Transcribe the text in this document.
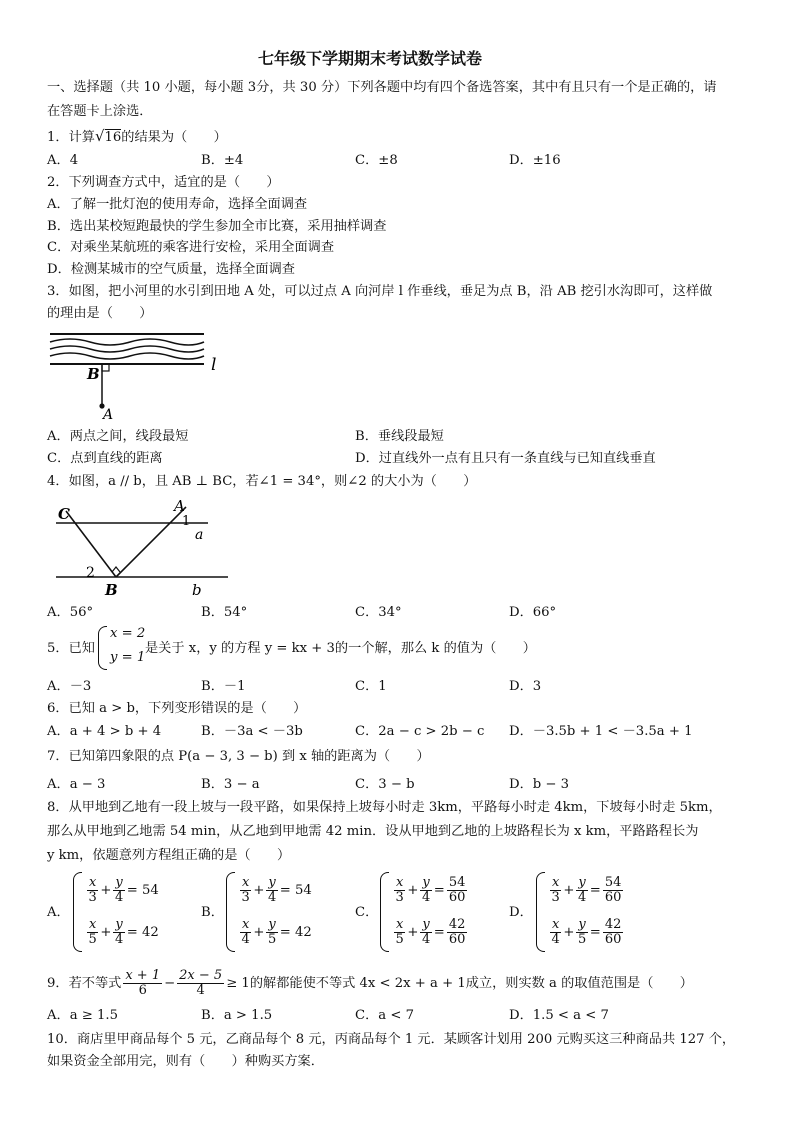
七年级下学期期末考试数学试卷
一、选择题（共 10 小题，每小题 3分，共 30 分）下列各题中均有四个备选答案，其中有且只有一个是正确的，请
在答题卡上涂选．
1．计算√16的结果为（　　）
A．4	B．±4	C．±8	D．±16
2．下列调查方式中，适宜的是（　　）
A．了解一批灯泡的使用寿命，选择全面调查
B．选出某校短跑最快的学生参加全市比赛，采用抽样调查
C．对乘坐某航班的乘客进行安检，采用全面调查
D．检测某城市的空气质量，选择全面调查
3．如图，把小河里的水引到田地 A 处，可以过点 A 向河岸 l 作垂线，垂足为点 B，沿 AB 挖引水沟即可，这样做
的理由是（　　）
l
B
A
A．两点之间，线段最短	B．垂线段最短
C．点到直线的距离	D．过直线外一点有且只有一条直线与已知直线垂直
4．如图，a // b，且 AB ⊥ BC，若∠1 = 34°，则∠2 的大小为（　　）
C	A
1
a
2
B	b
A．56°	B．54°	C．34°	D．66°
5．已知
x = 2
y = 1
是关于 x，y 的方程 y = kx + 3的一个解，那么 k 的值为（　　）
A．－3	B．－1	C．1	D．3
6．已知 a > b，下列变形错误的是（　　）
A．a + 4 > b + 4	B．－3a < －3b	C．2a − c > 2b − c D．－3.5b + 1 < －3.5a + 1
7．已知第四象限的点 P(a − 3, 3 − b) 到 x 轴的距离为（　　）
A．a − 3	B．3 − a	C．3 − b	D．b − 3
8．从甲地到乙地有一段上坡与一段平路，如果保持上坡每小时走 3km，平路每小时走 4km，下坡每小时走 5km，
那么从甲地到乙地需 54 min，从乙地到甲地需 42 min．设从甲地到乙地的上坡路程长为 x km，平路路程长为
y km，依题意列方程组正确的是（　　）
A．
$\frac{x}{3} + \frac{y}{4} = 54$
$\frac{x}{5} + \frac{y}{4} = 42$
B．
$\frac{x}{3} + \frac{y}{4} = 54$
$\frac{x}{4} + \frac{y}{5} = 42$
C．
$\frac{x}{3} + \frac{y}{4} = \frac{54}{60}$
$\frac{x}{5} + \frac{y}{4} = \frac{42}{60}$
D．
$\frac{x}{3} + \frac{y}{4} = \frac{54}{60}$
$\frac{x}{4} + \frac{y}{5} = \frac{42}{60}$
9．若不等式 $\frac{x + 1}{6} - \frac{2x - 5}{4} \ge 1$的解都能使不等式 4x < 2x + a + 1成立，则实数 a 的取值范围是（　　）
A．a ≥ 1.5	B．a > 1.5	C．a < 7	D．1.5 < a < 7
10．商店里甲商品每个 5 元，乙商品每个 8 元，丙商品每个 1 元．某顾客计划用 200 元购买这三种商品共 127 个，
如果资金全部用完，则有（　　）种购买方案．
